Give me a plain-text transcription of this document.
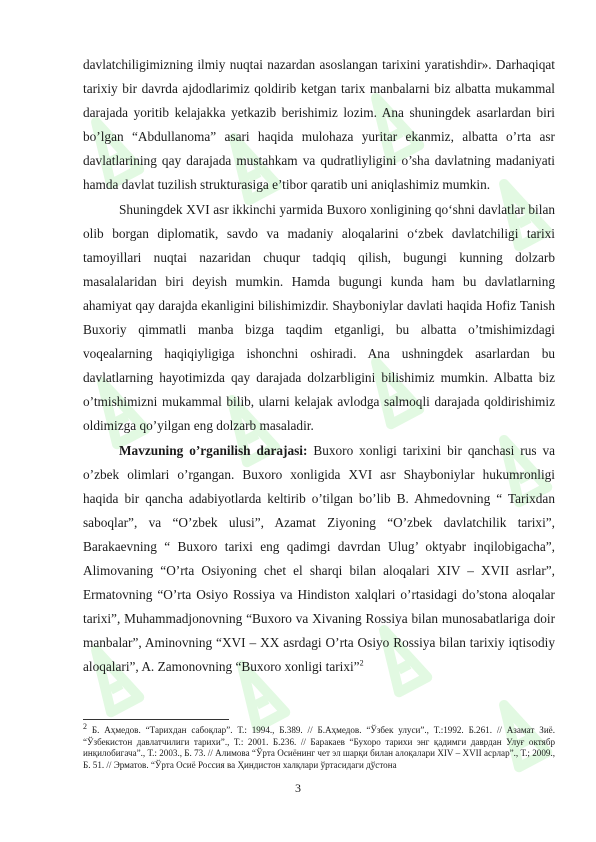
davlatchiligimizning ilmiy nuqtai nazardan asoslangan tarixini yaratishdir». Darhaqiqat tarixiy bir davrda ajdodlarimiz qoldirib ketgan tarix manbalarni biz albatta mukammal darajada yoritib kelajakka yetkazib berishimiz lozim. Ana shuningdek asarlardan biri bo’lgan “Abdullanoma” asari haqida mulohaza yuritar ekanmiz, albatta o’rta asr davlatlarining qay darajada mustahkam va qudratliyligini o’sha davlatning madaniyati hamda davlat tuzilish strukturasiga e’tibor qaratib uni aniqlashimiz mumkin.

Shuningdek XVI asr ikkinchi yarmida Buxoro xonligining qo‘shni davlatlar bilan olib borgan diplomatik, savdo va madaniy aloqalarini o‘zbek davlatchiligi tarixi tamoyillari nuqtai nazaridan chuqur tadqiq qilish, bugungi kunning dolzarb masalalaridan biri deyish mumkin. Hamda bugungi kunda ham bu davlatlarning ahamiyat qay darajda ekanligini bilishimizdir. Shayboniylar davlati haqida Hofiz Tanish Buxoriy qimmatli manba bizga taqdim etganligi, bu albatta o’tmishimizdagi voqealarning haqiqiyligiga ishonchni oshiradi. Ana ushningdek asarlardan bu davlatlarning hayotimizda qay darajada dolzarbligini bilishimiz mumkin. Albatta biz o’tmishimizni mukammal bilib, ularni kelajak avlodga salmoqli darajada qoldirishimiz oldimizga qo’yilgan eng dolzarb masaladir.

Mavzuning o’rganilish darajasi: Buxoro xonligi tarixini bir qanchasi rus va o’zbek olimlari o’rgangan. Buxoro xonligida XVI asr Shayboniylar hukumronligi haqida bir qancha adabiyotlarda keltirib o’tilgan bo’lib B. Ahmedovning “ Tarixdan saboqlar”, va “O’zbek ulusi”, Azamat Ziyoning “O’zbek davlatchilik tarixi”, Barakaevning “ Buxoro tarixi eng qadimgi davrdan Ulug’ oktyabr inqilobigacha”, Alimovaning “O’rta Osiyoning chet el sharqi bilan aloqalari XIV – XVII asrlar”, Ermatovning “O’rta Osiyo Rossiya va Hindiston xalqlari o’rtasidagi do’stona aloqalar tarixi”, Muhammadjonovning “Buxoro va Xivaning Rossiya bilan munosabatlariga doir manbalar”, Aminovning “XVI – XX asrdagi O’rta Osiyo Rossiya bilan tarixiy iqtisodiy aloqalari”, A. Zamonovning “Buxoro xonligi tarixi”$^2$

2 Б. Аҳмедов. “Тарихдан сабоқлар”. Т.: 1994., Б.389. // Б.Аҳмедов. “Ўзбек улуси”., Т.:1992. Б.261. // Азамат Зиё. “Ўзбекистон давлатчилиги тарихи”., Т.: 2001. Б.236. // Баракаев “Бухоро тарихи энг қадимги даврдан Улуғ октябр инқилобигача”., Т.: 2003., Б. 73. // Алимова “Ўрта Осиёнинг чет эл шарқи билан алоқалари XIV – XVII асрлар”., Т.; 2009., Б. 51. // Эрматов. “Ўрта Осиё Россия ва Ҳиндистон халқлари ўртасидаги дўстона

3
